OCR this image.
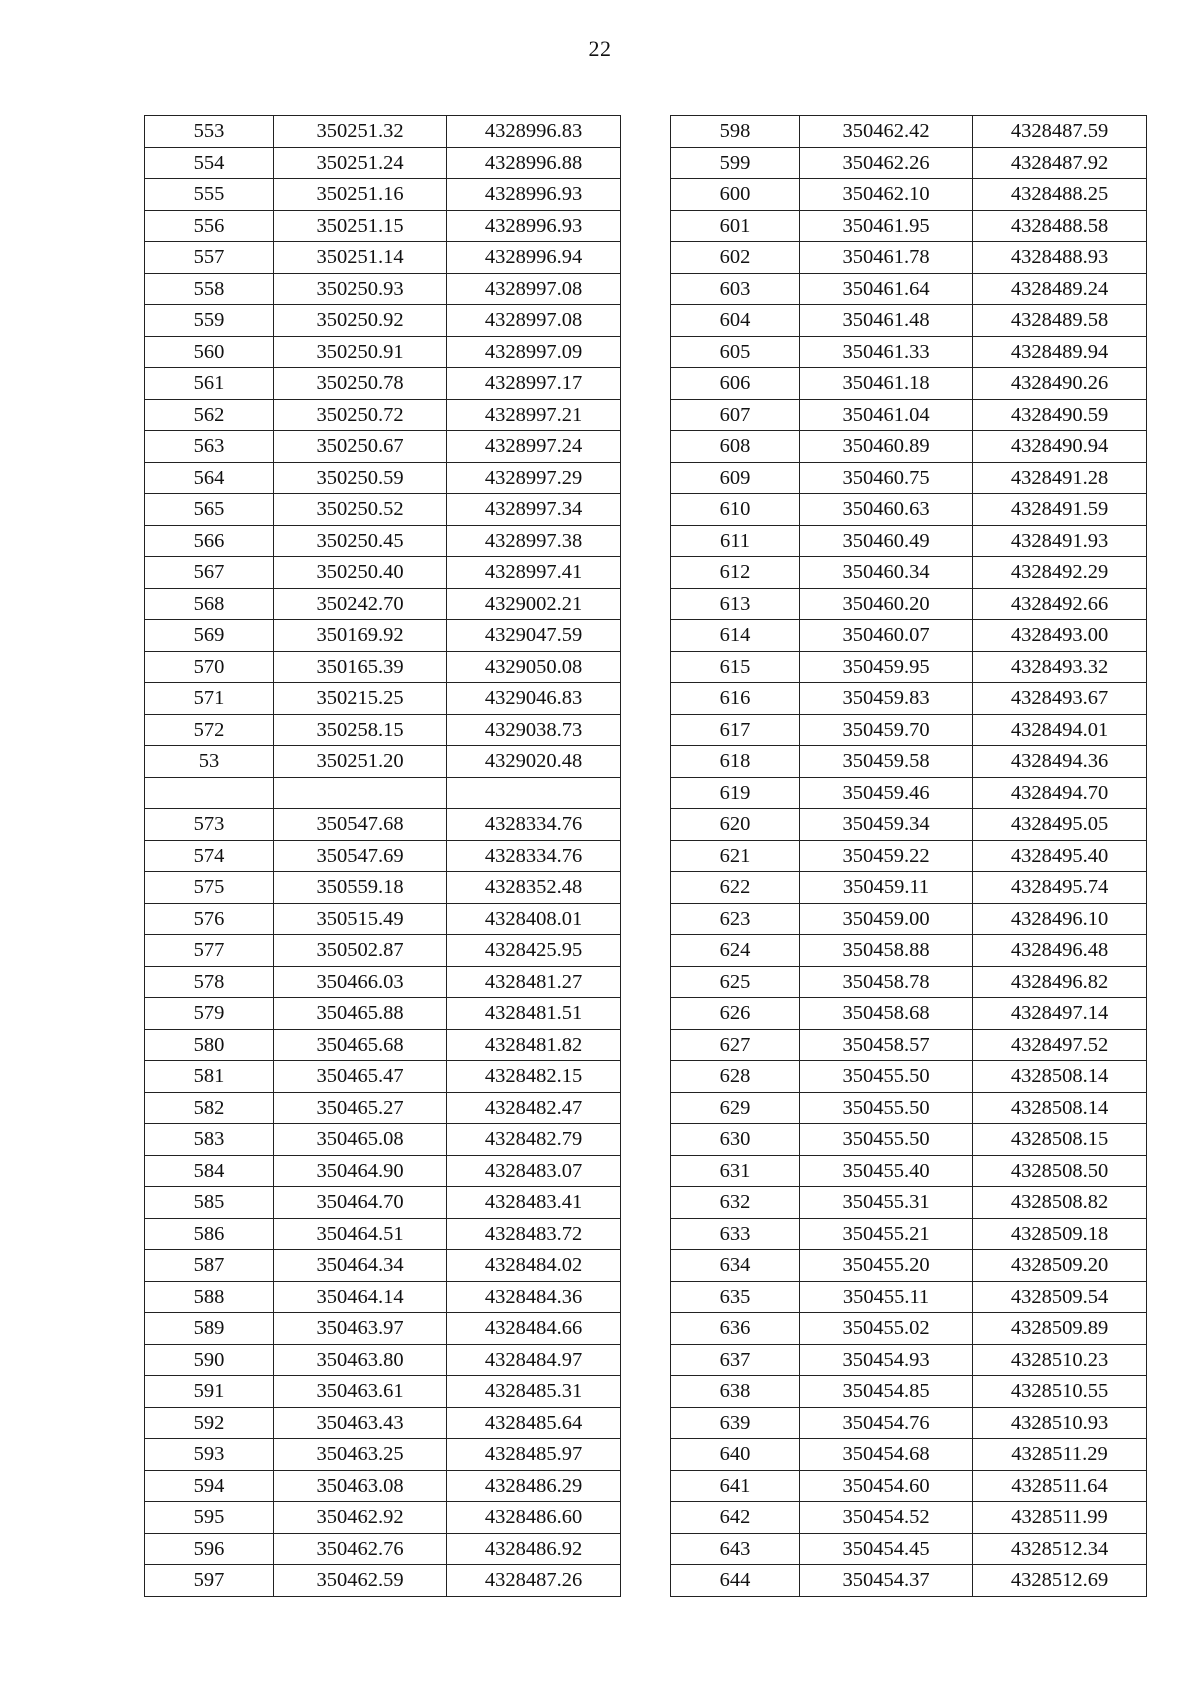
22
553	350251.32	4328996.83
554	350251.24	4328996.88
555	350251.16	4328996.93
556	350251.15	4328996.93
557	350251.14	4328996.94
558	350250.93	4328997.08
559	350250.92	4328997.08
560	350250.91	4328997.09
561	350250.78	4328997.17
562	350250.72	4328997.21
563	350250.67	4328997.24
564	350250.59	4328997.29
565	350250.52	4328997.34
566	350250.45	4328997.38
567	350250.40	4328997.41
568	350242.70	4329002.21
569	350169.92	4329047.59
570	350165.39	4329050.08
571	350215.25	4329046.83
572	350258.15	4329038.73
53	350251.20	4329020.48

573	350547.68	4328334.76
574	350547.69	4328334.76
575	350559.18	4328352.48
576	350515.49	4328408.01
577	350502.87	4328425.95
578	350466.03	4328481.27
579	350465.88	4328481.51
580	350465.68	4328481.82
581	350465.47	4328482.15
582	350465.27	4328482.47
583	350465.08	4328482.79
584	350464.90	4328483.07
585	350464.70	4328483.41
586	350464.51	4328483.72
587	350464.34	4328484.02
588	350464.14	4328484.36
589	350463.97	4328484.66
590	350463.80	4328484.97
591	350463.61	4328485.31
592	350463.43	4328485.64
593	350463.25	4328485.97
594	350463.08	4328486.29
595	350462.92	4328486.60
596	350462.76	4328486.92
597	350462.59	4328487.26
598	350462.42	4328487.59
599	350462.26	4328487.92
600	350462.10	4328488.25
601	350461.95	4328488.58
602	350461.78	4328488.93
603	350461.64	4328489.24
604	350461.48	4328489.58
605	350461.33	4328489.94
606	350461.18	4328490.26
607	350461.04	4328490.59
608	350460.89	4328490.94
609	350460.75	4328491.28
610	350460.63	4328491.59
611	350460.49	4328491.93
612	350460.34	4328492.29
613	350460.20	4328492.66
614	350460.07	4328493.00
615	350459.95	4328493.32
616	350459.83	4328493.67
617	350459.70	4328494.01
618	350459.58	4328494.36
619	350459.46	4328494.70
620	350459.34	4328495.05
621	350459.22	4328495.40
622	350459.11	4328495.74
623	350459.00	4328496.10
624	350458.88	4328496.48
625	350458.78	4328496.82
626	350458.68	4328497.14
627	350458.57	4328497.52
628	350455.50	4328508.14
629	350455.50	4328508.14
630	350455.50	4328508.15
631	350455.40	4328508.50
632	350455.31	4328508.82
633	350455.21	4328509.18
634	350455.20	4328509.20
635	350455.11	4328509.54
636	350455.02	4328509.89
637	350454.93	4328510.23
638	350454.85	4328510.55
639	350454.76	4328510.93
640	350454.68	4328511.29
641	350454.60	4328511.64
642	350454.52	4328511.99
643	350454.45	4328512.34
644	350454.37	4328512.69
